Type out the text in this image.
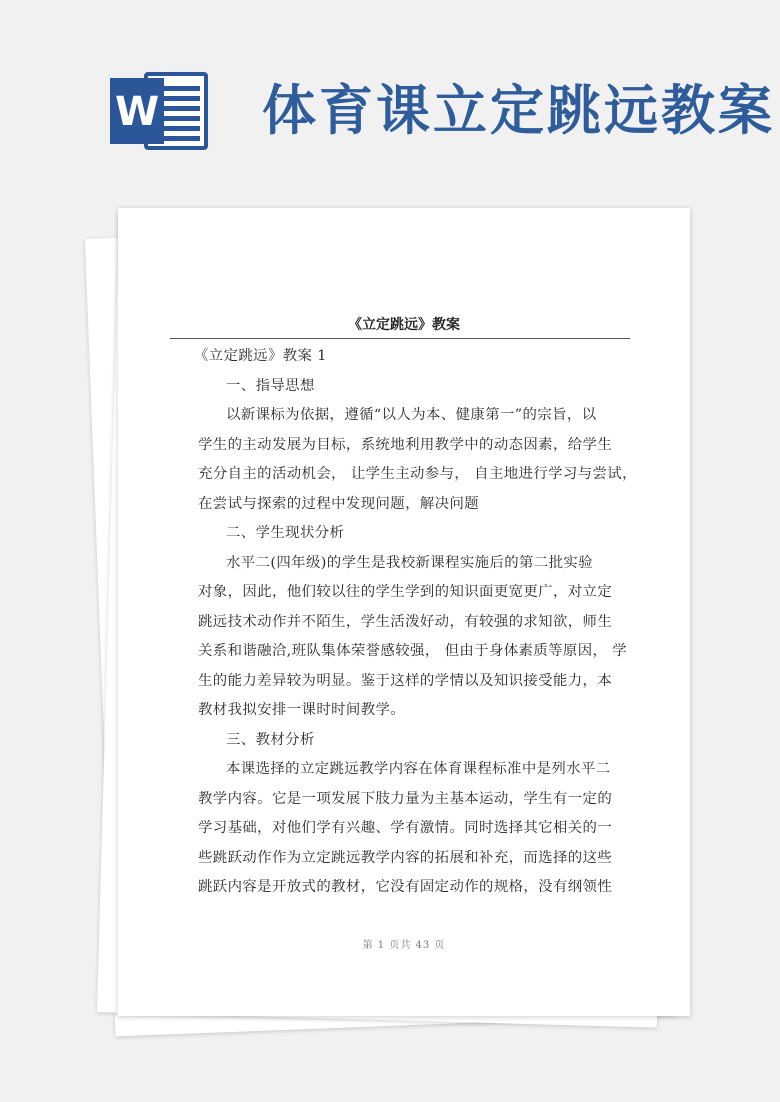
W 体育课立定跳远教案
《立定跳远》教案
《立定跳远》教案 1
一、指导思想
以新课标为依据，遵循“以人为本、健康第一”的宗旨，以
学生的主动发展为目标，系统地利用教学中的动态因素，给学生
充分自主的活动机会， 让学生主动参与， 自主地进行学习与尝试，
在尝试与探索的过程中发现问题，解决问题
二、学生现状分析
水平二(四年级)的学生是我校新课程实施后的第二批实验
对象，因此，他们较以往的学生学到的知识面更宽更广，对立定
跳远技术动作并不陌生，学生活泼好动，有较强的求知欲，师生
关系和谐融洽,班队集体荣誉感较强， 但由于身体素质等原因， 学
生的能力差异较为明显。鉴于这样的学情以及知识接受能力，本
教材我拟安排一课时时间教学。
三、教材分析
本课选择的立定跳远教学内容在体育课程标准中是列水平二
教学内容。它是一项发展下肢力量为主基本运动，学生有一定的
学习基础，对他们学有兴趣、学有激情。同时选择其它相关的一
些跳跃动作作为立定跳远教学内容的拓展和补充，而选择的这些
跳跃内容是开放式的教材，它没有固定动作的规格，没有纲领性
第 1 页共 43 页
